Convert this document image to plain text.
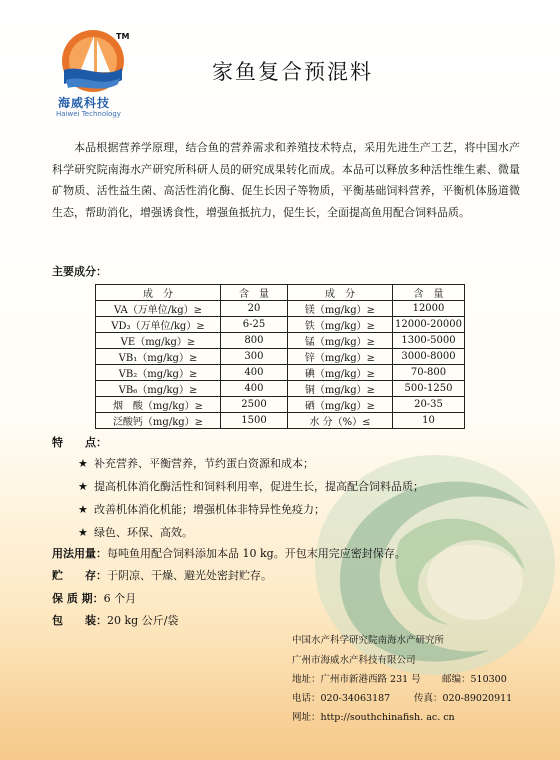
TM
海威科技
Haiwei Technology
家鱼复合预混料

本品根据营养学原理，结合鱼的营养需求和养殖技术特点，采用先进生产工艺，将中国水产科学研究院南海水产研究所科研人员的研究成果转化而成。本品可以释放多种活性维生素、微量矿物质、活性益生菌、高活性消化酶、促生长因子等物质，平衡基础饲料营养，平衡机体肠道微生态，帮助消化，增强诱食性，增强鱼抵抗力，促生长，全面提高鱼用配合饲料品质。

主要成分：
成　分	含　量	成　分	含　量
VA（万单位/kg）≥	20	镁（mg/kg）≥	12000
VD₃（万单位/kg）≥	6-25	铁（mg/kg）≥	12000-20000
VE（mg/kg）≥	800	锰（mg/kg）≥	1300-5000
VB₁（mg/kg）≥	300	锌（mg/kg）≥	3000-8000
VB₂（mg/kg）≥	400	碘（mg/kg）≥	70-800
VB₆（mg/kg）≥	400	铜（mg/kg）≥	500-1250
烟　酸（mg/kg）≥	2500	硒（mg/kg）≥	20-35
泛酸钙（mg/kg）≥	1500	水 分（%）≤	10
特　　点：
★ 补充营养、平衡营养，节约蛋白资源和成本；
★ 提高机体消化酶活性和饲料利用率，促进生长，提高配合饲料品质；
★ 改善机体消化机能；增强机体非特异性免疫力；
★ 绿色、环保、高效。
用法用量：每吨鱼用配合饲料添加本品 10 kg。开包末用完应密封保存。
贮　　存：于阴凉、干燥、避光处密封贮存。
保 质 期：6 个月
包　　装：20 kg 公斤/袋
中国水产科学研究院南海水产研究所
广州市海威水产科技有限公司
地址：广州市新港西路 231 号 邮编：510300
电话：020-34063187	传真：020-89020911
网址：http://southchinafish. ac. cn
